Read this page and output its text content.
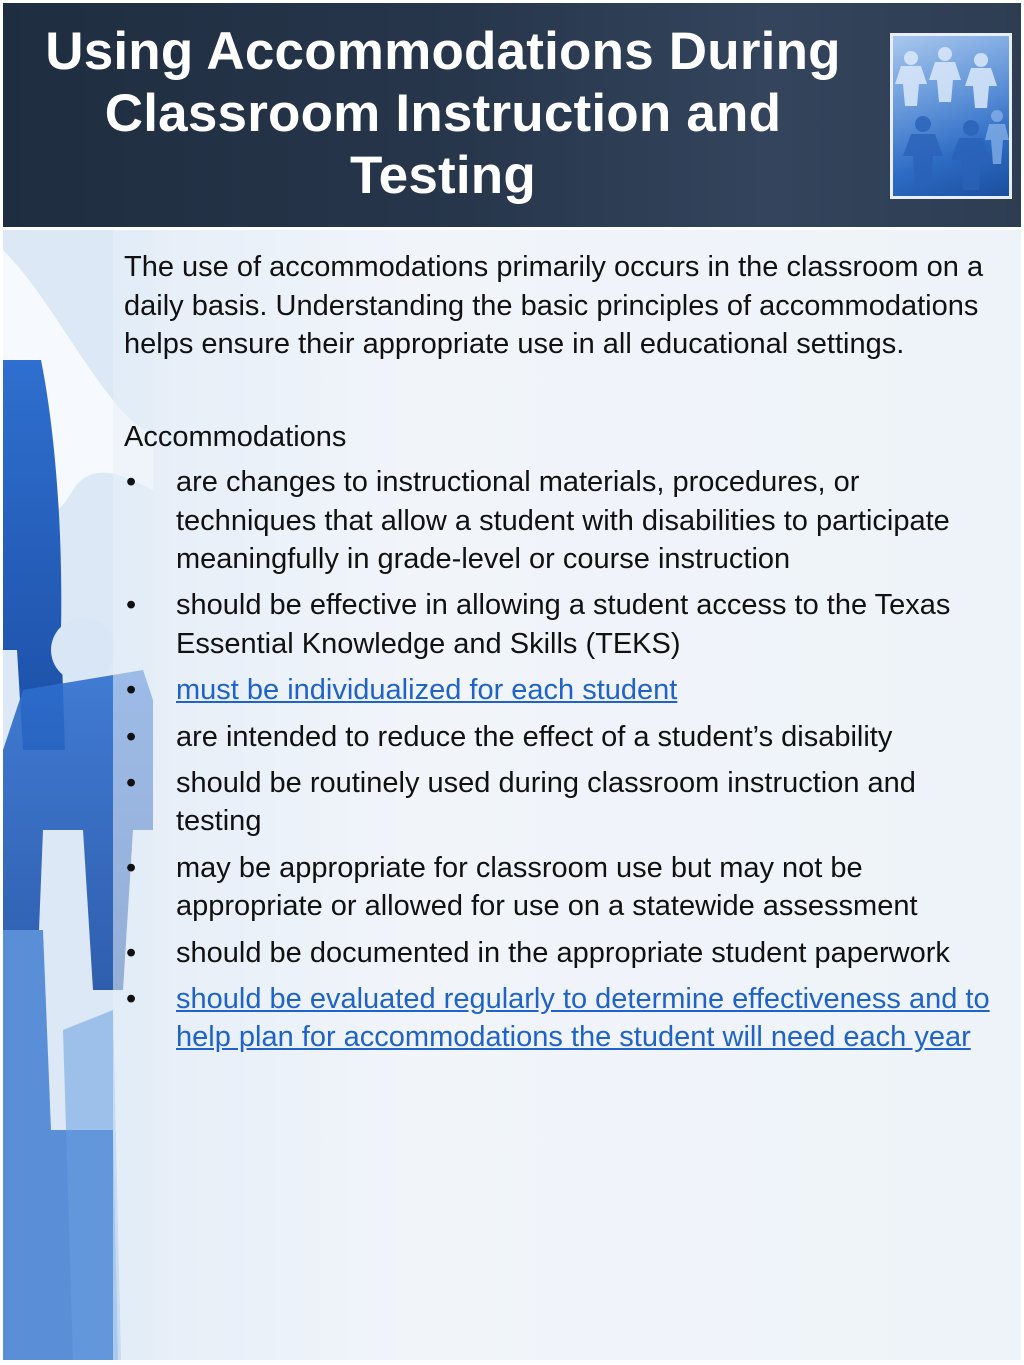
Using Accommodations During Classroom Instruction and Testing

The use of accommodations primarily occurs in the classroom on a daily basis. Understanding the basic principles of accommodations helps ensure their appropriate use in all educational settings.

Accommodations

• are changes to instructional materials, procedures, or techniques that allow a student with disabilities to participate meaningfully in grade-level or course instruction
• should be effective in allowing a student access to the Texas Essential Knowledge and Skills (TEKS)
• must be individualized for each student
• are intended to reduce the effect of a student’s disability
• should be routinely used during classroom instruction and testing
• may be appropriate for classroom use but may not be appropriate or allowed for use on a statewide assessment
• should be documented in the appropriate student paperwork
• should be evaluated regularly to determine effectiveness and to help plan for accommodations the student will need each year
